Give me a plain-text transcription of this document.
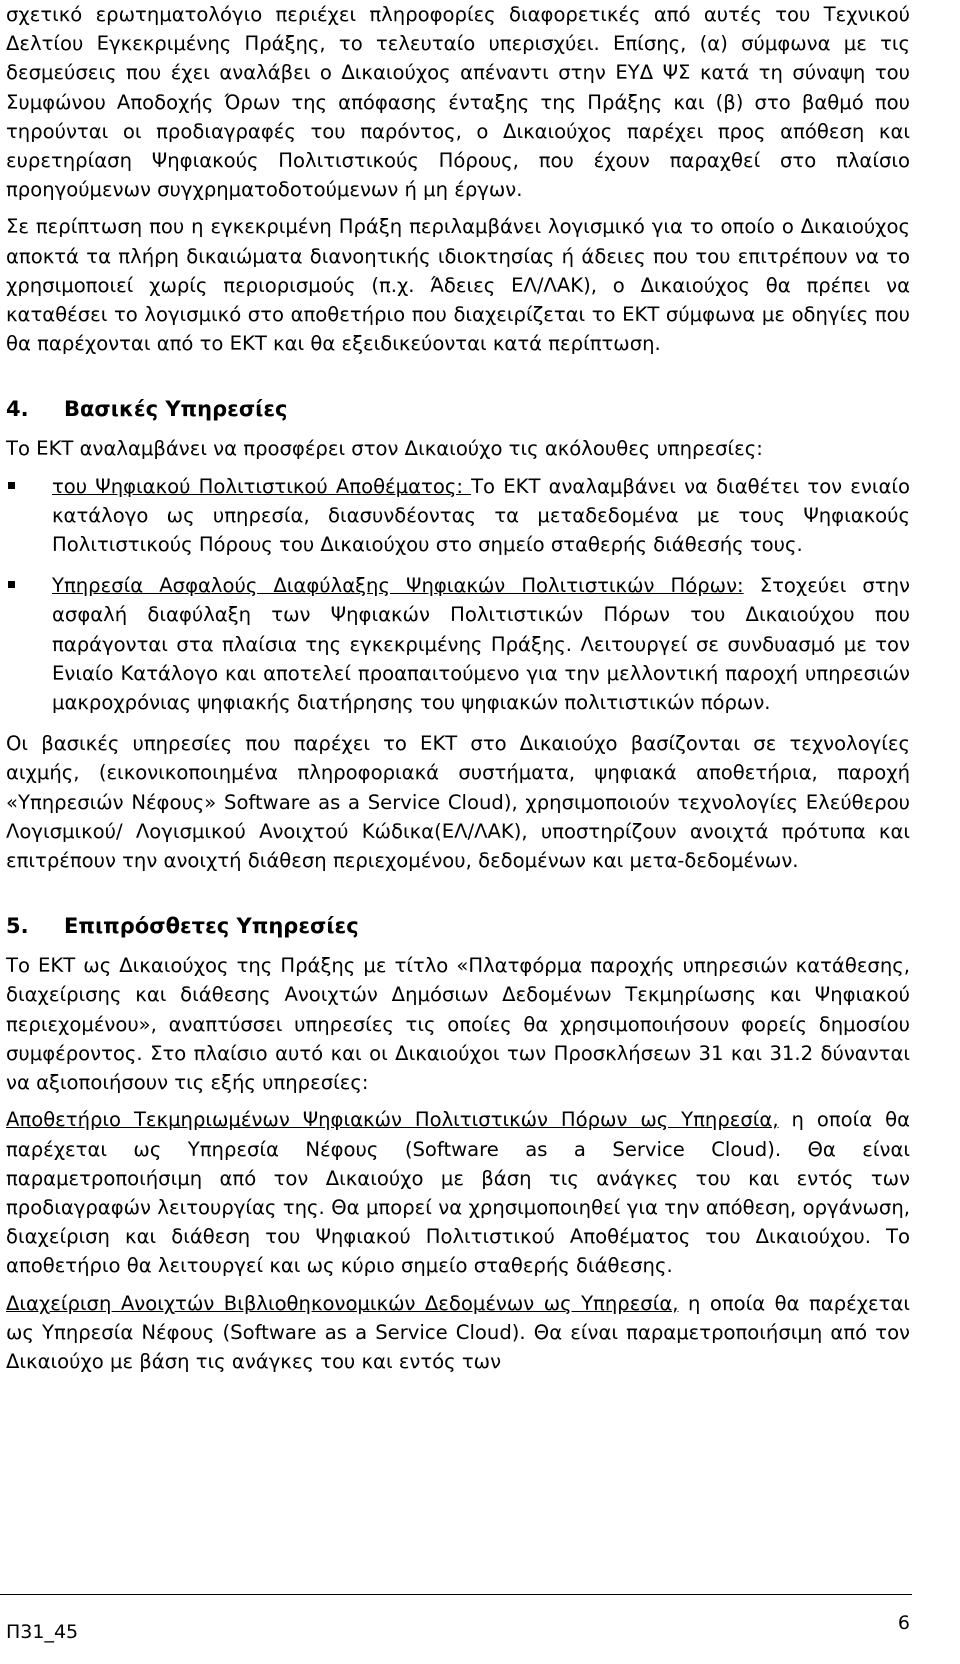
σχετικό ερωτηματολόγιο περιέχει πληροφορίες διαφορετικές από αυτές του Τεχνικού Δελτίου Εγκεκριμένης Πράξης, το τελευταίο υπερισχύει. Επίσης, (α) σύμφωνα με τις δεσμεύσεις που έχει αναλάβει ο Δικαιούχος απέναντι στην ΕΥΔ ΨΣ κατά τη σύναψη του Συμφώνου Αποδοχής Όρων της απόφασης ένταξης της Πράξης και (β) στο βαθμό που τηρούνται οι προδιαγραφές του παρόντος, ο Δικαιούχος παρέχει προς απόθεση και ευρετηρίαση Ψηφιακούς Πολιτιστικούς Πόρους, που έχουν παραχθεί στο πλαίσιο προηγούμενων συγχρηματοδοτούμενων ή μη έργων.

Σε περίπτωση που η εγκεκριμένη Πράξη περιλαμβάνει λογισμικό για το οποίο ο Δικαιούχος αποκτά τα πλήρη δικαιώματα διανοητικής ιδιοκτησίας ή άδειες που του επιτρέπουν να το χρησιμοποιεί χωρίς περιορισμούς (π.χ. Άδειες ΕΛ/ΛΑΚ), ο Δικαιούχος θα πρέπει να καταθέσει το λογισμικό στο αποθετήριο που διαχειρίζεται το ΕΚΤ σύμφωνα με οδηγίες που θα παρέχονται από το ΕΚΤ και θα εξειδικεύονται κατά περίπτωση.

4.	Βασικές Υπηρεσίες

Το ΕΚΤ αναλαμβάνει να προσφέρει στον Δικαιούχο τις ακόλουθες υπηρεσίες:

του Ψηφιακού Πολιτιστικού Αποθέματος: Το ΕΚΤ αναλαμβάνει να διαθέτει τον ενιαίο κατάλογο ως υπηρεσία, διασυνδέοντας τα μεταδεδομένα με τους Ψηφιακούς Πολιτιστικούς Πόρους του Δικαιούχου στο σημείο σταθερής διάθεσής τους.
Υπηρεσία Ασφαλούς Διαφύλαξης Ψηφιακών Πολιτιστικών Πόρων: Στοχεύει στην ασφαλή διαφύλαξη των Ψηφιακών Πολιτιστικών Πόρων του Δικαιούχου που παράγονται στα πλαίσια της εγκεκριμένης Πράξης. Λειτουργεί σε συνδυασμό με τον Ενιαίο Κατάλογο και αποτελεί προαπαιτούμενο για την μελλοντική παροχή υπηρεσιών μακροχρόνιας ψηφιακής διατήρησης του ψηφιακών πολιτιστικών πόρων.

Οι βασικές υπηρεσίες που παρέχει το ΕΚΤ στο Δικαιούχο βασίζονται σε τεχνολογίες αιχμής, (εικονικοποιημένα πληροφοριακά συστήματα, ψηφιακά αποθετήρια, παροχή «Υπηρεσιών Νέφους» Software as a Service Cloud), χρησιμοποιούν τεχνολογίες Ελεύθερου Λογισμικού/ Λογισμικού Ανοιχτού Κώδικα(ΕΛ/ΛΑΚ), υποστηρίζουν ανοιχτά πρότυπα και επιτρέπουν την ανοιχτή διάθεση περιεχομένου, δεδομένων και μετα-δεδομένων.

5.	Επιπρόσθετες Υπηρεσίες

Το ΕΚΤ ως Δικαιούχος της Πράξης με τίτλο «Πλατφόρμα παροχής υπηρεσιών κατάθεσης, διαχείρισης και διάθεσης Ανοιχτών Δημόσιων Δεδομένων Τεκμηρίωσης και Ψηφιακού περιεχομένου», αναπτύσσει υπηρεσίες τις οποίες θα χρησιμοποιήσουν φορείς δημοσίου συμφέροντος. Στο πλαίσιο αυτό και οι Δικαιούχοι των Προσκλήσεων 31 και 31.2 δύνανται να αξιοποιήσουν τις εξής υπηρεσίες:

Αποθετήριο Τεκμηριωμένων Ψηφιακών Πολιτιστικών Πόρων ως Υπηρεσία, η οποία θα παρέχεται ως Υπηρεσία Νέφους (Software as a Service Cloud). Θα είναι παραμετροποιήσιμη από τον Δικαιούχο με βάση τις ανάγκες του και εντός των προδιαγραφών λειτουργίας της. Θα μπορεί να χρησιμοποιηθεί για την απόθεση, οργάνωση, διαχείριση και διάθεση του Ψηφιακού Πολιτιστικού Αποθέματος του Δικαιούχου. Το αποθετήριο θα λειτουργεί και ως κύριο σημείο σταθερής διάθεσης.

Διαχείριση Ανοιχτών Βιβλιοθηκονομικών Δεδομένων ως Υπηρεσία, η οποία θα παρέχεται ως Υπηρεσία Νέφους (Software as a Service Cloud). Θα είναι παραμετροποιήσιμη από τον Δικαιούχο με βάση τις ανάγκες του και εντός των

Π31_45	6
